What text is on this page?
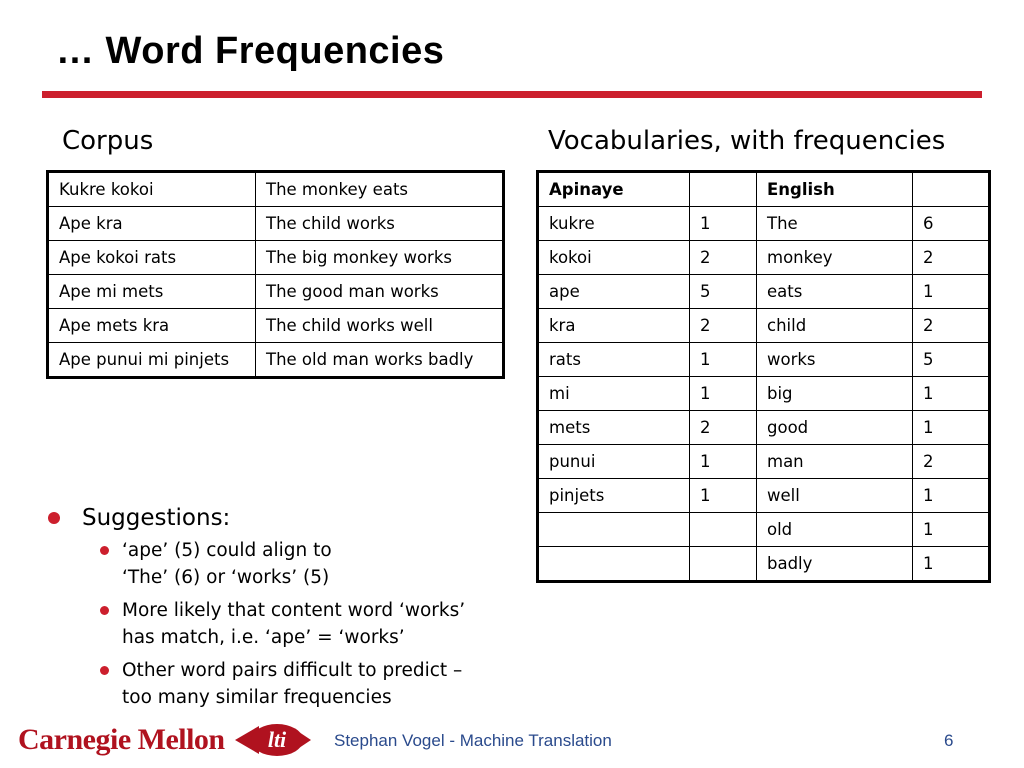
… Word Frequencies
Corpus	Vocabularies, with frequencies
Kukre kokoi	The monkey eats
Ape kra	The child works
Ape kokoi rats	The big monkey works
Ape mi mets	The good man works
Ape mets kra	The child works well
Ape punui mi pinjets	The old man works badly
Apinaye		English	
kukre	1	The	6
kokoi	2	monkey	2
ape	5	eats	1
kra	2	child	2
rats	1	works	5
mi	1	big	1
mets	2	good	1
punui	1	man	2
pinjets	1	well	1
		old	1
		badly	1
Suggestions:
‘ape’ (5) could align to
‘The’ (6) or ‘works’ (5)
More likely that content word ‘works’
has match, i.e. ‘ape’ = ‘works’
Other word pairs difficult to predict –
too many similar frequencies
Carnegie Mellon lti	Stephan Vogel - Machine Translation	6
